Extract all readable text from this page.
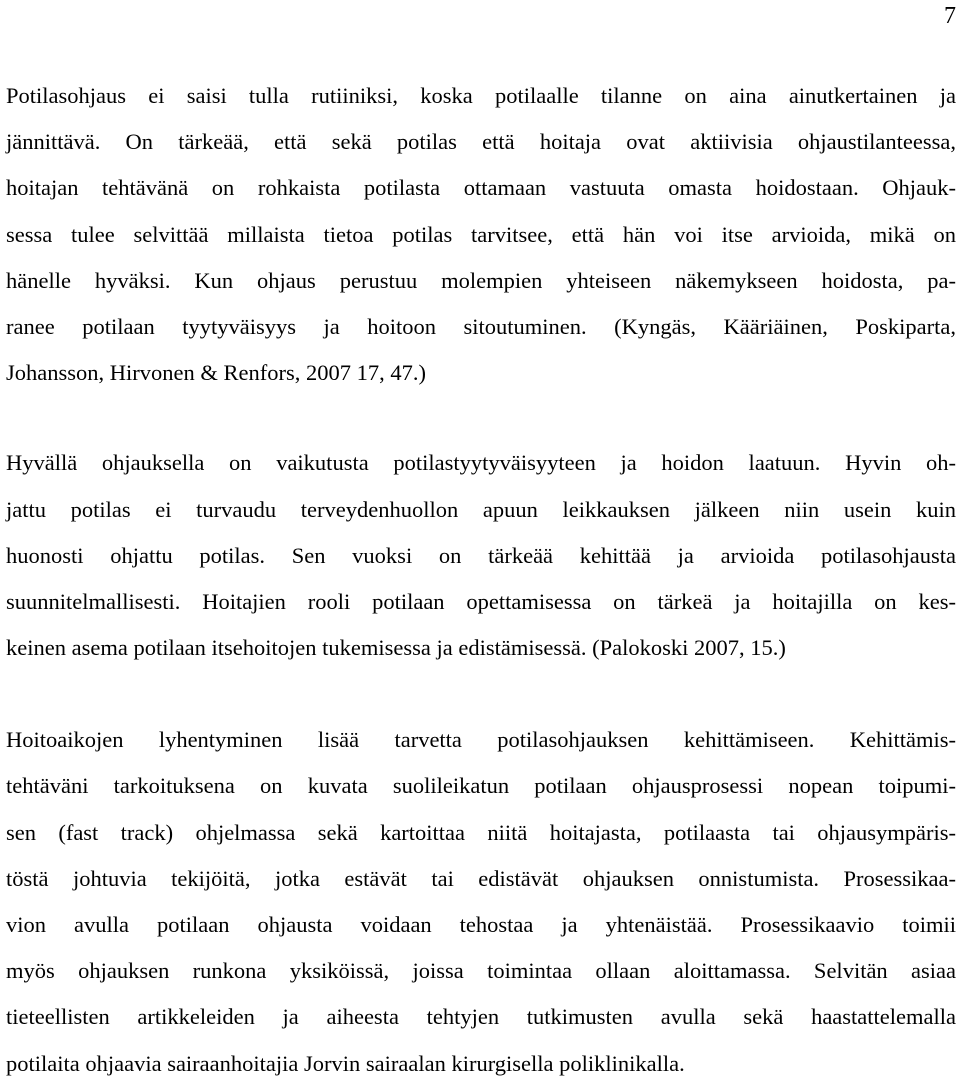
7

Potilasohjaus ei saisi tulla rutiiniksi, koska potilaalle tilanne on aina ainutkertainen ja
jännittävä. On tärkeää, että sekä potilas että hoitaja ovat aktiivisia ohjaustilanteessa,
hoitajan tehtävänä on rohkaista potilasta ottamaan vastuuta omasta hoidostaan. Ohjauk-
sessa tulee selvittää millaista tietoa potilas tarvitsee, että hän voi itse arvioida, mikä on
hänelle hyväksi. Kun ohjaus perustuu molempien yhteiseen näkemykseen hoidosta, pa-
ranee potilaan tyytyväisyys ja hoitoon sitoutuminen. (Kyngäs, Kääriäinen, Poskiparta,
Johansson, Hirvonen & Renfors, 2007 17, 47.)

Hyvällä ohjauksella on vaikutusta potilastyytyväisyyteen ja hoidon laatuun. Hyvin oh-
jattu potilas ei turvaudu terveydenhuollon apuun leikkauksen jälkeen niin usein kuin
huonosti ohjattu potilas. Sen vuoksi on tärkeää kehittää ja arvioida potilasohjausta
suunnitelmallisesti. Hoitajien rooli potilaan opettamisessa on tärkeä ja hoitajilla on kes-
keinen asema potilaan itsehoitojen tukemisessa ja edistämisessä. (Palokoski 2007, 15.)

Hoitoaikojen lyhentyminen lisää tarvetta potilasohjauksen kehittämiseen. Kehittämis-
tehtäväni tarkoituksena on kuvata suolileikatun potilaan ohjausprosessi nopean toipumi-
sen (fast track) ohjelmassa sekä kartoittaa niitä hoitajasta, potilaasta tai ohjausympäris-
töstä johtuvia tekijöitä, jotka estävät tai edistävät ohjauksen onnistumista. Prosessikaa-
vion avulla potilaan ohjausta voidaan tehostaa ja yhtenäistää. Prosessikaavio toimii
myös ohjauksen runkona yksiköissä, joissa toimintaa ollaan aloittamassa. Selvitän asiaa
tieteellisten artikkeleiden ja aiheesta tehtyjen tutkimusten avulla sekä haastattelemalla
potilaita ohjaavia sairaanhoitajia Jorvin sairaalan kirurgisella poliklinikalla.
